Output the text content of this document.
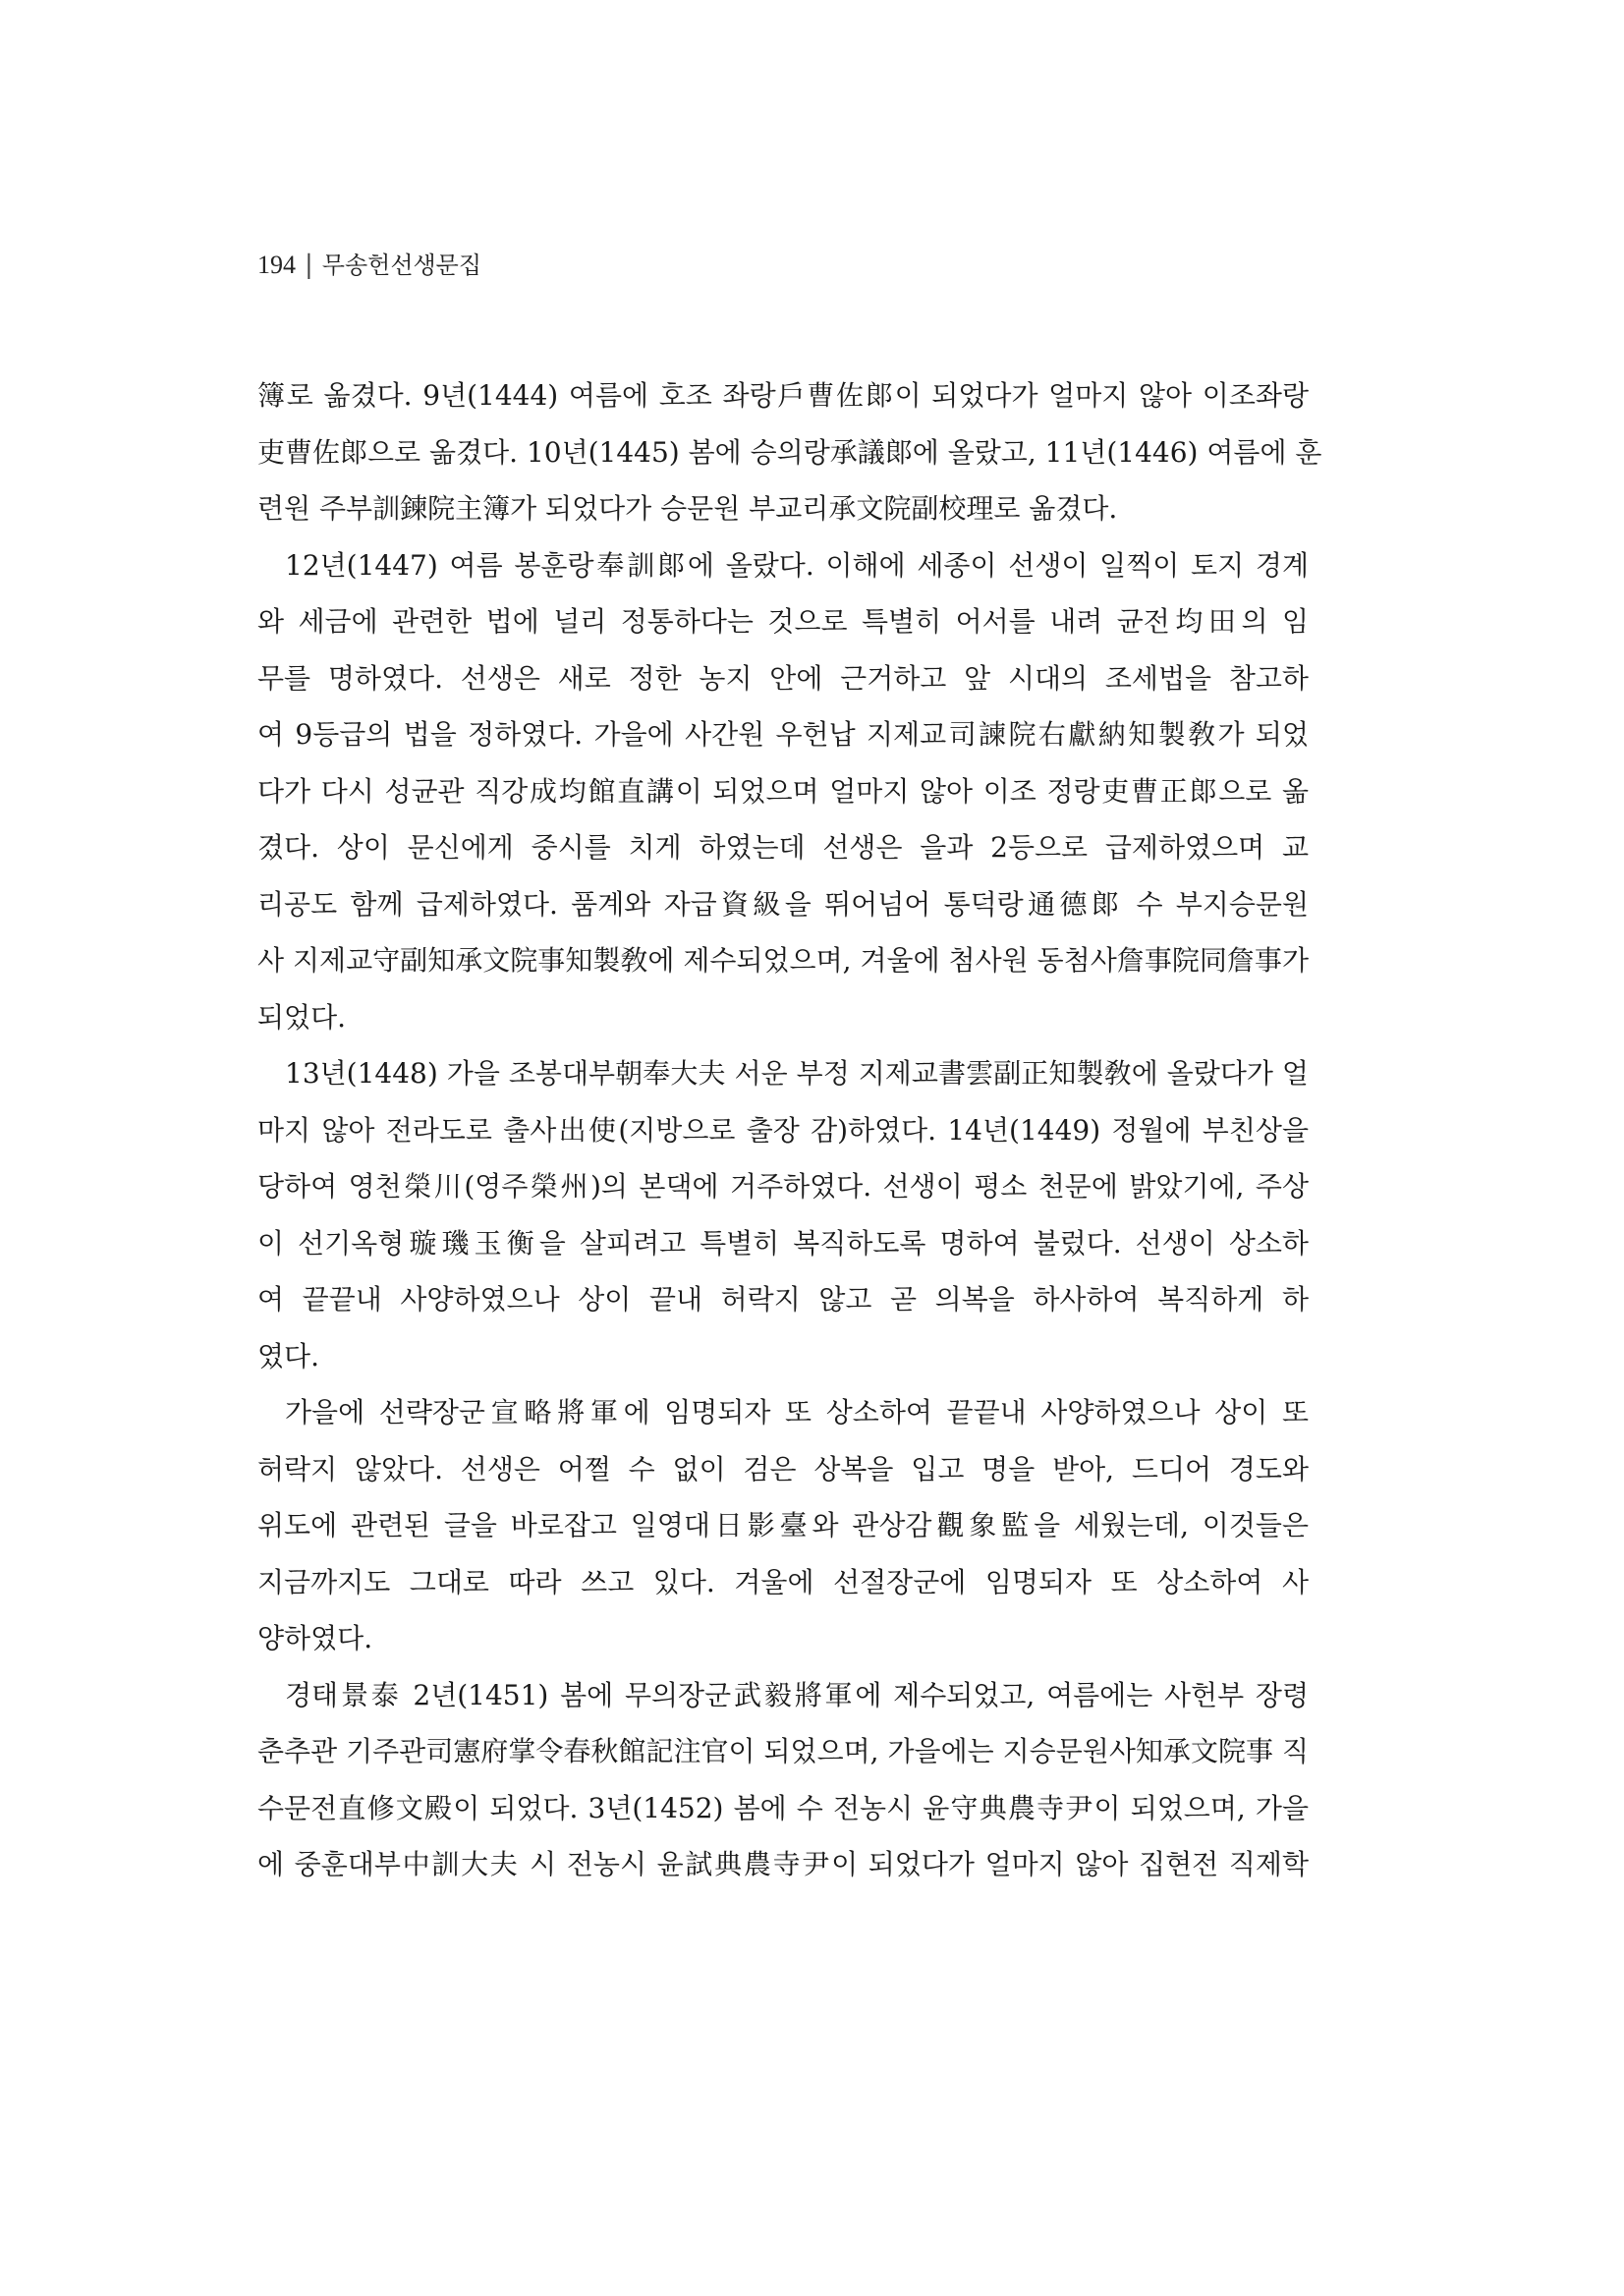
194 | 무송헌선생문집
簿로 옮겼다. 9년(1444) 여름에 호조 좌랑戶曹佐郞이 되었다가 얼마지 않아 이조좌랑
吏曹佐郞으로 옮겼다. 10년(1445) 봄에 승의랑承議郞에 올랐고, 11년(1446) 여름에 훈
련원 주부訓鍊院主簿가 되었다가 승문원 부교리承文院副校理로 옮겼다.
12년(1447) 여름 봉훈랑奉訓郞에 올랐다. 이해에 세종이 선생이 일찍이 토지 경계
와 세금에 관련한 법에 널리 정통하다는 것으로 특별히 어서를 내려 균전均田의 임
무를 명하였다. 선생은 새로 정한 농지 안에 근거하고 앞 시대의 조세법을 참고하
여 9등급의 법을 정하였다. 가을에 사간원 우헌납 지제교司諫院右獻納知製敎가 되었
다가 다시 성균관 직강成均館直講이 되었으며 얼마지 않아 이조 정랑吏曹正郞으로 옮
겼다. 상이 문신에게 중시를 치게 하였는데 선생은 을과 2등으로 급제하였으며 교
리공도 함께 급제하였다. 품계와 자급資級을 뛰어넘어 통덕랑通德郞 수 부지승문원
사 지제교守副知承文院事知製敎에 제수되었으며, 겨울에 첨사원 동첨사詹事院同詹事가
되었다.
13년(1448) 가을 조봉대부朝奉大夫 서운 부정 지제교書雲副正知製敎에 올랐다가 얼
마지 않아 전라도로 출사出使(지방으로 출장 감)하였다. 14년(1449) 정월에 부친상을
당하여 영천榮川(영주榮州)의 본댁에 거주하였다. 선생이 평소 천문에 밝았기에, 주상
이 선기옥형璇璣玉衡을 살피려고 특별히 복직하도록 명하여 불렀다. 선생이 상소하
여 끝끝내 사양하였으나 상이 끝내 허락지 않고 곧 의복을 하사하여 복직하게 하
였다.
가을에 선략장군宣略將軍에 임명되자 또 상소하여 끝끝내 사양하였으나 상이 또
허락지 않았다. 선생은 어쩔 수 없이 검은 상복을 입고 명을 받아, 드디어 경도와
위도에 관련된 글을 바로잡고 일영대日影臺와 관상감觀象監을 세웠는데, 이것들은
지금까지도 그대로 따라 쓰고 있다. 겨울에 선절장군에 임명되자 또 상소하여 사
양하였다.
경태景泰 2년(1451) 봄에 무의장군武毅將軍에 제수되었고, 여름에는 사헌부 장령
춘추관 기주관司憲府掌令春秋館記注官이 되었으며, 가을에는 지승문원사知承文院事 직
수문전直修文殿이 되었다. 3년(1452) 봄에 수 전농시 윤守典農寺尹이 되었으며, 가을
에 중훈대부中訓大夫 시 전농시 윤試典農寺尹이 되었다가 얼마지 않아 집현전 직제학
